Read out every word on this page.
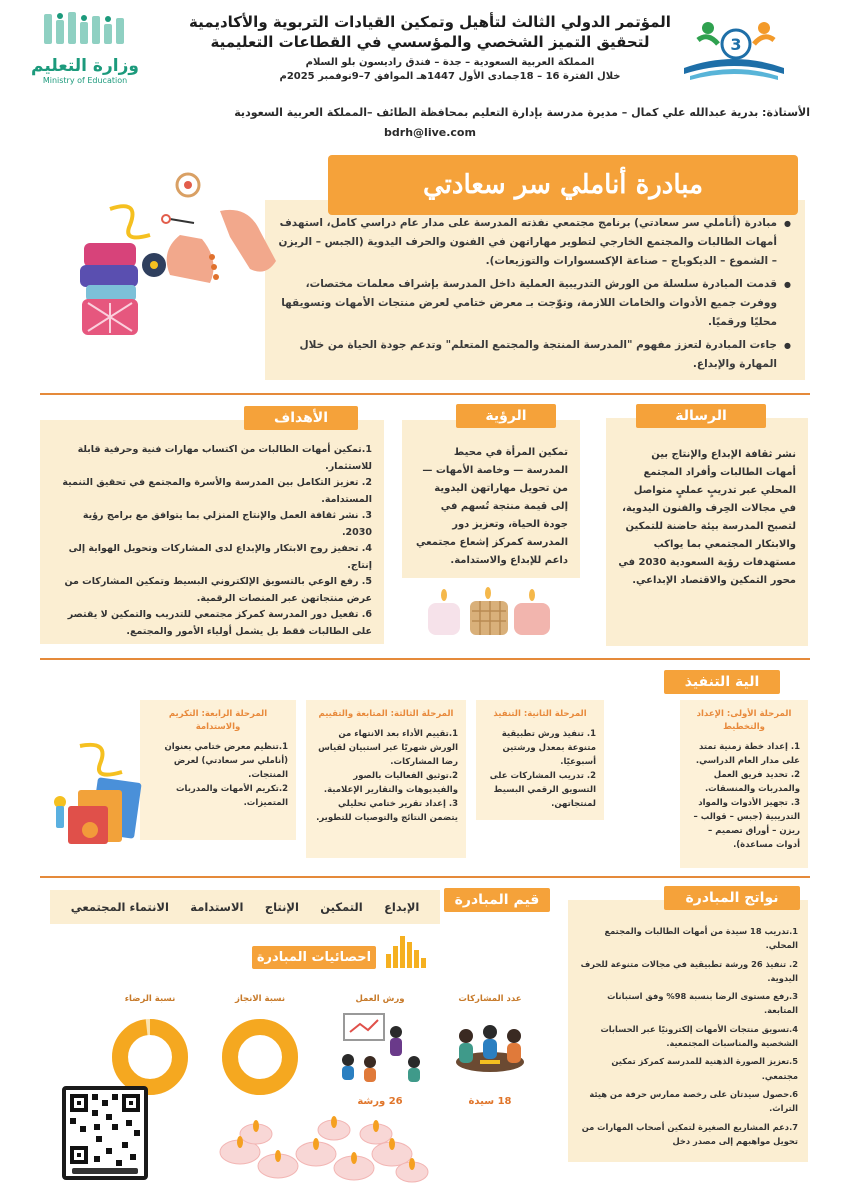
وزارة التعليم
Ministry of Education
المؤتمر الدولي الثالث لتأهيل وتمكين القيادات التربوية والأكاديمية
لتحقيق التميز الشخصي والمؤسسي في القطاعات التعليمية
المملكة العربية السعودية – جدة – فندق راديسون بلو السلام
خلال الفترة 16 – 18جمادى الأول 1447هـ الموافق 7–9نوفمبر 2025م
3
الأستاذة: بدرية عبدالله علي كمال – مديرة مدرسة بإدارة التعليم بمحافظة الطائف –المملكة العربية السعودية
bdrh@live.com
● مبادرة (أناملي سر سعادتي) برنامج مجتمعي نفذته المدرسة على مدار عام دراسي كامل، استهدف أمهات الطالبات والمجتمع الخارجي لتطوير مهاراتهن في الفنون والحرف اليدوية (الجبس – الريزن – الشموع – الديكوباج – صناعة الإكسسوارات والتوزيعات).
● قدمت المبادرة سلسلة من الورش التدريبية العملية داخل المدرسة بإشراف معلمات مختصات، ووفرت جميع الأدوات والخامات اللازمة، وتوّجت بـ معرض ختامي لعرض منتجات الأمهات وتسويقها محليًا ورقميًا.
● جاءت المبادرة لتعزز مفهوم "المدرسة المنتجة والمجتمع المتعلم" وتدعم جودة الحياة من خلال المهارة والإبداع.
مبادرة أناملي سر سعادتي
نشر ثقافة الإبداع والإنتاج بين أمهات الطالبات وأفراد المجتمع المحلي عبر تدريبٍ عمليٍ متواصل في مجالات الحِرف والفنون اليدوية، لتصبح المدرسة بيئة حاضنة للتمكين والابتكار المجتمعي بما يواكب مستهدفات رؤية السعودية 2030 في محور التمكين والاقتصاد الإبداعي.
الرسالة
تمكين المرأة في محيط المدرسة — وخاصة الأمهات — من تحويل مهاراتهن اليدوية إلى قيمة منتجة تُسهم في جودة الحياة، وتعزيز دور المدرسة كمركز إشعاع مجتمعي داعم للإبداع والاستدامة.
الرؤية
1.تمكين أمهات الطالبات من اكتساب مهارات فنية وحرفية قابلة للاستثمار.
2. تعزيز التكامل بين المدرسة والأسرة والمجتمع في تحقيق التنمية المستدامة.
3. نشر ثقافة العمل والإنتاج المنزلي بما يتوافق مع برامج رؤية 2030.
4. تحفيز روح الابتكار والإبداع لدى المشاركات وتحويل الهواية إلى إنتاج.
5. رفع الوعي بالتسويق الإلكتروني البسيط وتمكين المشاركات من عرض منتجاتهن عبر المنصات الرقمية.
6. تفعيل دور المدرسة كمركز مجتمعي للتدريب والتمكين لا يقتصر على الطالبات فقط بل يشمل أولياء الأمور والمجتمع.
الأهداف
الية التنفيذ
المرحلة الأولى: الإعداد والتخطيط
1. إعداد خطة زمنية تمتد على مدار العام الدراسي.
2. تحديد فريق العمل والمدربات والمنسقات.
3. تجهيز الأدوات والمواد التدريبية (جبس – قوالب – ريزن – أوراق تصميم – أدوات مساعدة).
المرحلة الثانية: التنفيذ
1. تنفيذ ورش تطبيقية متنوعة بمعدل ورشتين أسبوعيًا.
2. تدريب المشاركات على التسويق الرقمي البسيط لمنتجاتهن.
المرحلة الثالثة: المتابعة والتقييم
1.تقييم الأداء بعد الانتهاء من الورش شهريًا عبر استبيان لقياس رضا المشاركات.
2.توثيق الفعاليات بالصور والفيديوهات والتقارير الإعلامية.
3. إعداد تقرير ختامي تحليلي يتضمن النتائج والتوصيات للتطوير.
المرحلة الرابعة: التكريم والاستدامة
1.تنظيم معرض ختامي بعنوان (أناملي سر سعادتي) لعرض المنتجات.
2.تكريم الأمهات والمدربات المتميزات.
1.تدريب 18 سيدة من أمهات الطالبات والمجتمع المحلي.
2. تنفيذ 26 ورشة تطبيقية في مجالات متنوعة للحرف اليدوية.
3.رفع مستوى الرضا بنسبة 98% وفق استبانات المتابعة.
4.تسويق منتجات الأمهات إلكترونيًا عبر الحسابات الشخصية والمناسبات المجتمعية.
5.تعزيز الصورة الذهنية للمدرسة كمركز تمكين مجتمعي.
6.حصول سيدتان على رخصة ممارس حرفة من هيئة التراث.
7.دعم المشاريع الصغيرة لتمكين أصحاب المهارات من تحويل مواهبهم إلى مصدر دخل
نواتج المبادرة
قيم المبادرة
الإبداع
التمكين
الإنتاج
الاستدامة
الانتماء المجتمعي
احصائيات المبادرة
عدد المشاركات
ورش العمل
نسبة الانجاز
نسبة الرضاء
18 سيدة
26 ورشة
